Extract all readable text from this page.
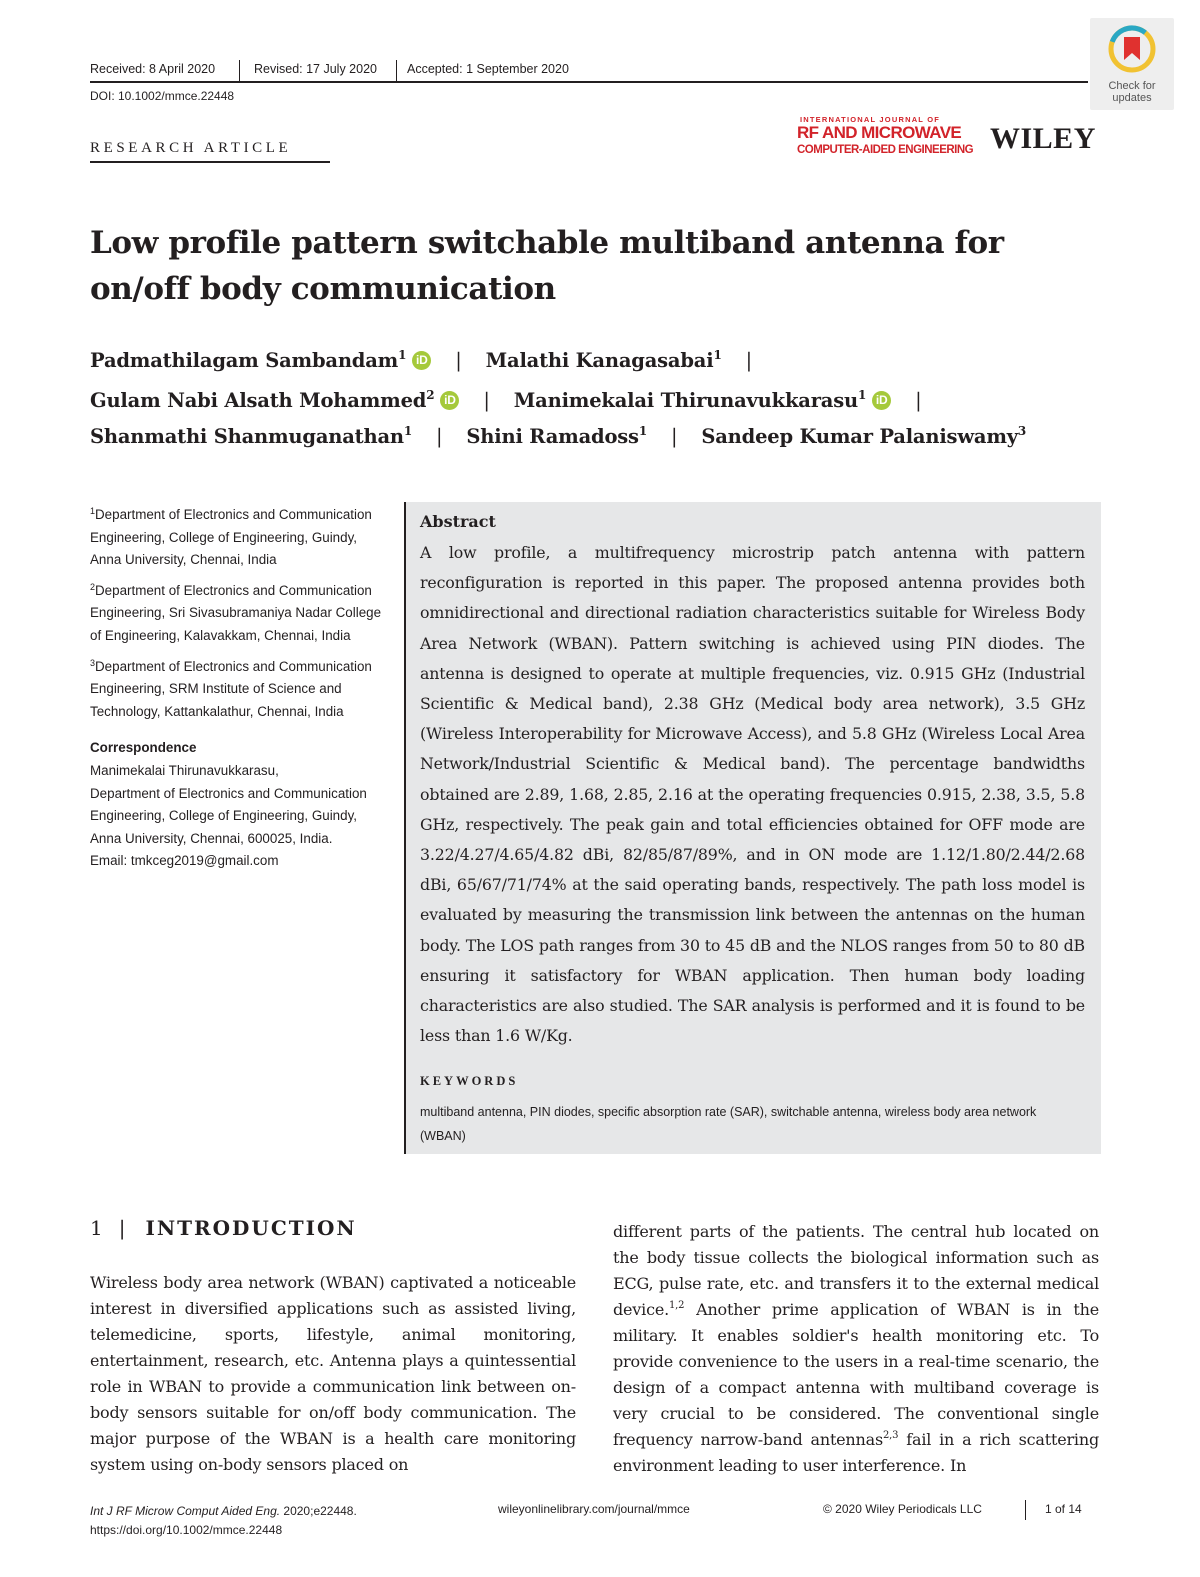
Received: 8 April 2020	Revised: 17 July 2020 Accepted: 1 September 2020
DOI: 10.1002/mmce.22448
Check for
updates
RESEARCH ARTICLE
INTERNATIONAL JOURNAL OF
RF AND MICROWAVE
COMPUTER-AIDED ENGINEERING WILEY
Low profile pattern switchable multiband antenna for on/off body communication
Padmathilagam Sambandam$^1$ iD | Malathi Kanagasabai$^1$ |
Gulam Nabi Alsath Mohammed$^2$ iD | Manimekalai Thirunavukkarasu$^1$ iD |
Shanmathi Shanmuganathan$^1$ | Shini Ramadoss$^1$ | Sandeep Kumar Palaniswamy$^3$
$^1$Department of Electronics and Communication Engineering, College of Engineering, Guindy, Anna University, Chennai, India
$^2$Department of Electronics and Communication Engineering, Sri Sivasubramaniya Nadar College of Engineering, Kalavakkam, Chennai, India
$^3$Department of Electronics and Communication Engineering, SRM Institute of Science and Technology, Kattankalathur, Chennai, India
Correspondence
Manimekalai Thirunavukkarasu,
Department of Electronics and Communication Engineering, College of Engineering, Guindy, Anna University, Chennai, 600025, India.
Email: tmkceg2019@gmail.com
Abstract

A low profile, a multifrequency microstrip patch antenna with pattern reconfiguration is reported in this paper. The proposed antenna provides both omnidirectional and directional radiation characteristics suitable for Wireless Body Area Network (WBAN). Pattern switching is achieved using PIN diodes. The antenna is designed to operate at multiple frequencies, viz. 0.915 GHz (Industrial Scientific & Medical band), 2.38 GHz (Medical body area network), 3.5 GHz (Wireless Interoperability for Microwave Access), and 5.8 GHz (Wireless Local Area Network/Industrial Scientific & Medical band). The percentage bandwidths obtained are 2.89, 1.68, 2.85, 2.16 at the operating frequencies 0.915, 2.38, 3.5, 5.8 GHz, respectively. The peak gain and total efficiencies obtained for OFF mode are 3.22/4.27/4.65/4.82 dBi, 82/85/87/89%, and in ON mode are 1.12/1.80/2.44/2.68 dBi, 65/67/71/74% at the said operating bands, respectively. The path loss model is evaluated by measuring the transmission link between the antennas on the human body. The LOS path ranges from 30 to 45 dB and the NLOS ranges from 50 to 80 dB ensuring it satisfactory for WBAN application. Then human body loading characteristics are also studied. The SAR analysis is performed and it is found to be less than 1.6 W/Kg.

KEYWORDS

multiband antenna, PIN diodes, specific absorption rate (SAR), switchable antenna, wireless body area network (WBAN)

1 | INTRODUCTION

Wireless body area network (WBAN) captivated a noticeable interest in diversified applications such as assisted living, telemedicine, sports, lifestyle, animal monitoring, entertainment, research, etc. Antenna plays a quintessential role in WBAN to provide a communication link between on-body sensors suitable for on/off body communication. The major purpose of the WBAN is a health care monitoring system using on-body sensors placed on

different parts of the patients. The central hub located on the body tissue collects the biological information such as ECG, pulse rate, etc. and transfers it to the external medical device.$^{1,2}$ Another prime application of WBAN is in the military. It enables soldier's health monitoring etc. To provide convenience to the users in a real-time scenario, the design of a compact antenna with multiband coverage is very crucial to be considered. The conventional single frequency narrow-band antennas$^{2,3}$ fail in a rich scattering environment leading to user interference. In

Int J RF Microw Comput Aided Eng. 2020;e22448.
https://doi.org/10.1002/mmce.22448
wileyonlinelibrary.com/journal/mmce	© 2020 Wiley Periodicals LLC	1 of 14
